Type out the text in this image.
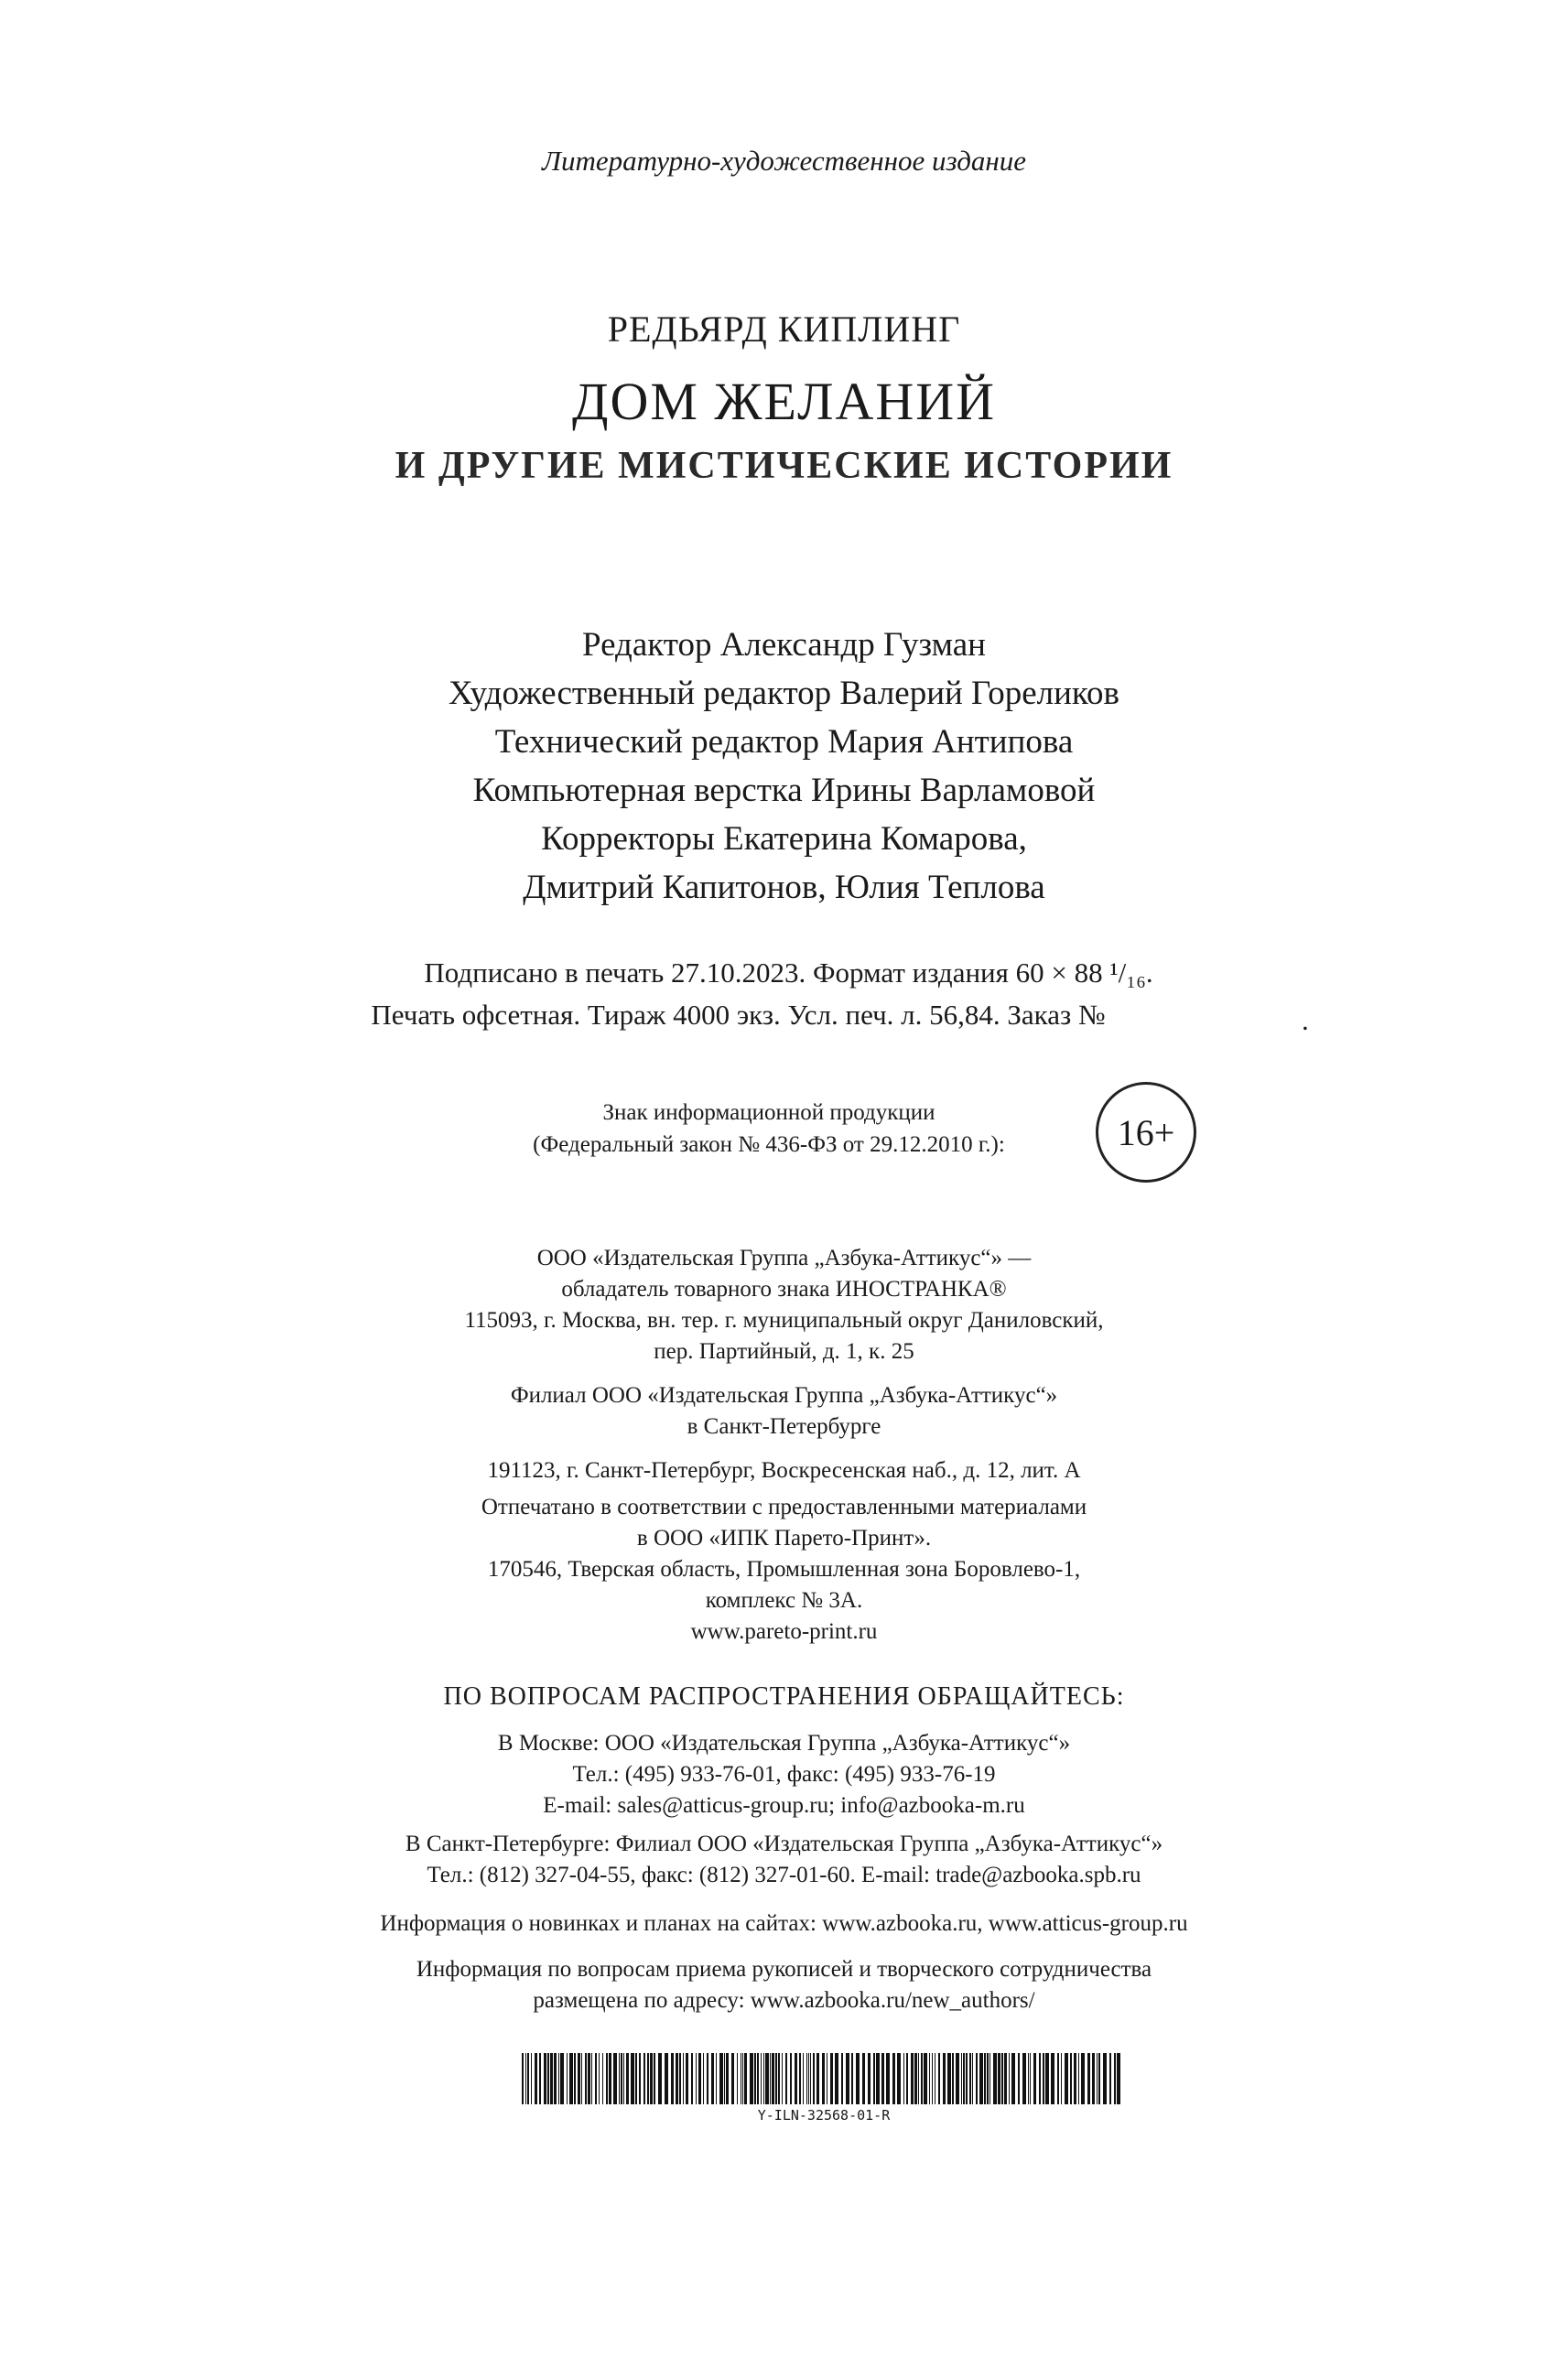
Литературно-художественное издание
РЕДЬЯРД КИПЛИНГ
ДОМ ЖЕЛАНИЙ
И ДРУГИЕ МИСТИЧЕСКИЕ ИСТОРИИ
Редактор Александр Гузман
Художественный редактор Валерий Гореликов
Технический редактор Мария Антипова
Компьютерная верстка Ирины Варламовой
Корректоры Екатерина Комарова,
Дмитрий Капитонов, Юлия Теплова
Подписано в печать 27.10.2023. Формат издания 60 × 88 ¹/₁₆.
Печать офсетная. Тираж 4000 экз. Усл. печ. л. 56,84. Заказ №	.
Знак информационной продукции
(Федеральный закон № 436-ФЗ от 29.12.2010 г.):	16+
ООО «Издательская Группа „Азбука-Аттикус“» —
обладатель товарного знака ИНОСТРАНКА®
115093, г. Москва, вн. тер. г. муниципальный округ Даниловский,
пер. Партийный, д. 1, к. 25
Филиал ООО «Издательская Группа „Азбука-Аттикус“»
в Санкт-Петербурге
191123, г. Санкт-Петербург, Воскресенская наб., д. 12, лит. А
Отпечатано в соответствии с предоставленными материалами
в ООО «ИПК Парето-Принт».
170546, Тверская область, Промышленная зона Боровлево-1,
комплекс № 3А.
www.pareto-print.ru
ПО ВОПРОСАМ РАСПРОСТРАНЕНИЯ ОБРАЩАЙТЕСЬ:
В Москве: ООО «Издательская Группа „Азбука-Аттикус“»
Тел.: (495) 933-76-01, факс: (495) 933-76-19
E-mail: sales@atticus-group.ru; info@azbooka-m.ru
В Санкт-Петербурге: Филиал ООО «Издательская Группа „Азбука-Аттикус“»
Тел.: (812) 327-04-55, факс: (812) 327-01-60. E-mail: trade@azbooka.spb.ru
Информация о новинках и планах на сайтах: www.azbooka.ru, www.atticus-group.ru
Информация по вопросам приема рукописей и творческого сотрудничества
размещена по адресу: www.azbooka.ru/new_authors/
Y-ILN-32568-01-R
